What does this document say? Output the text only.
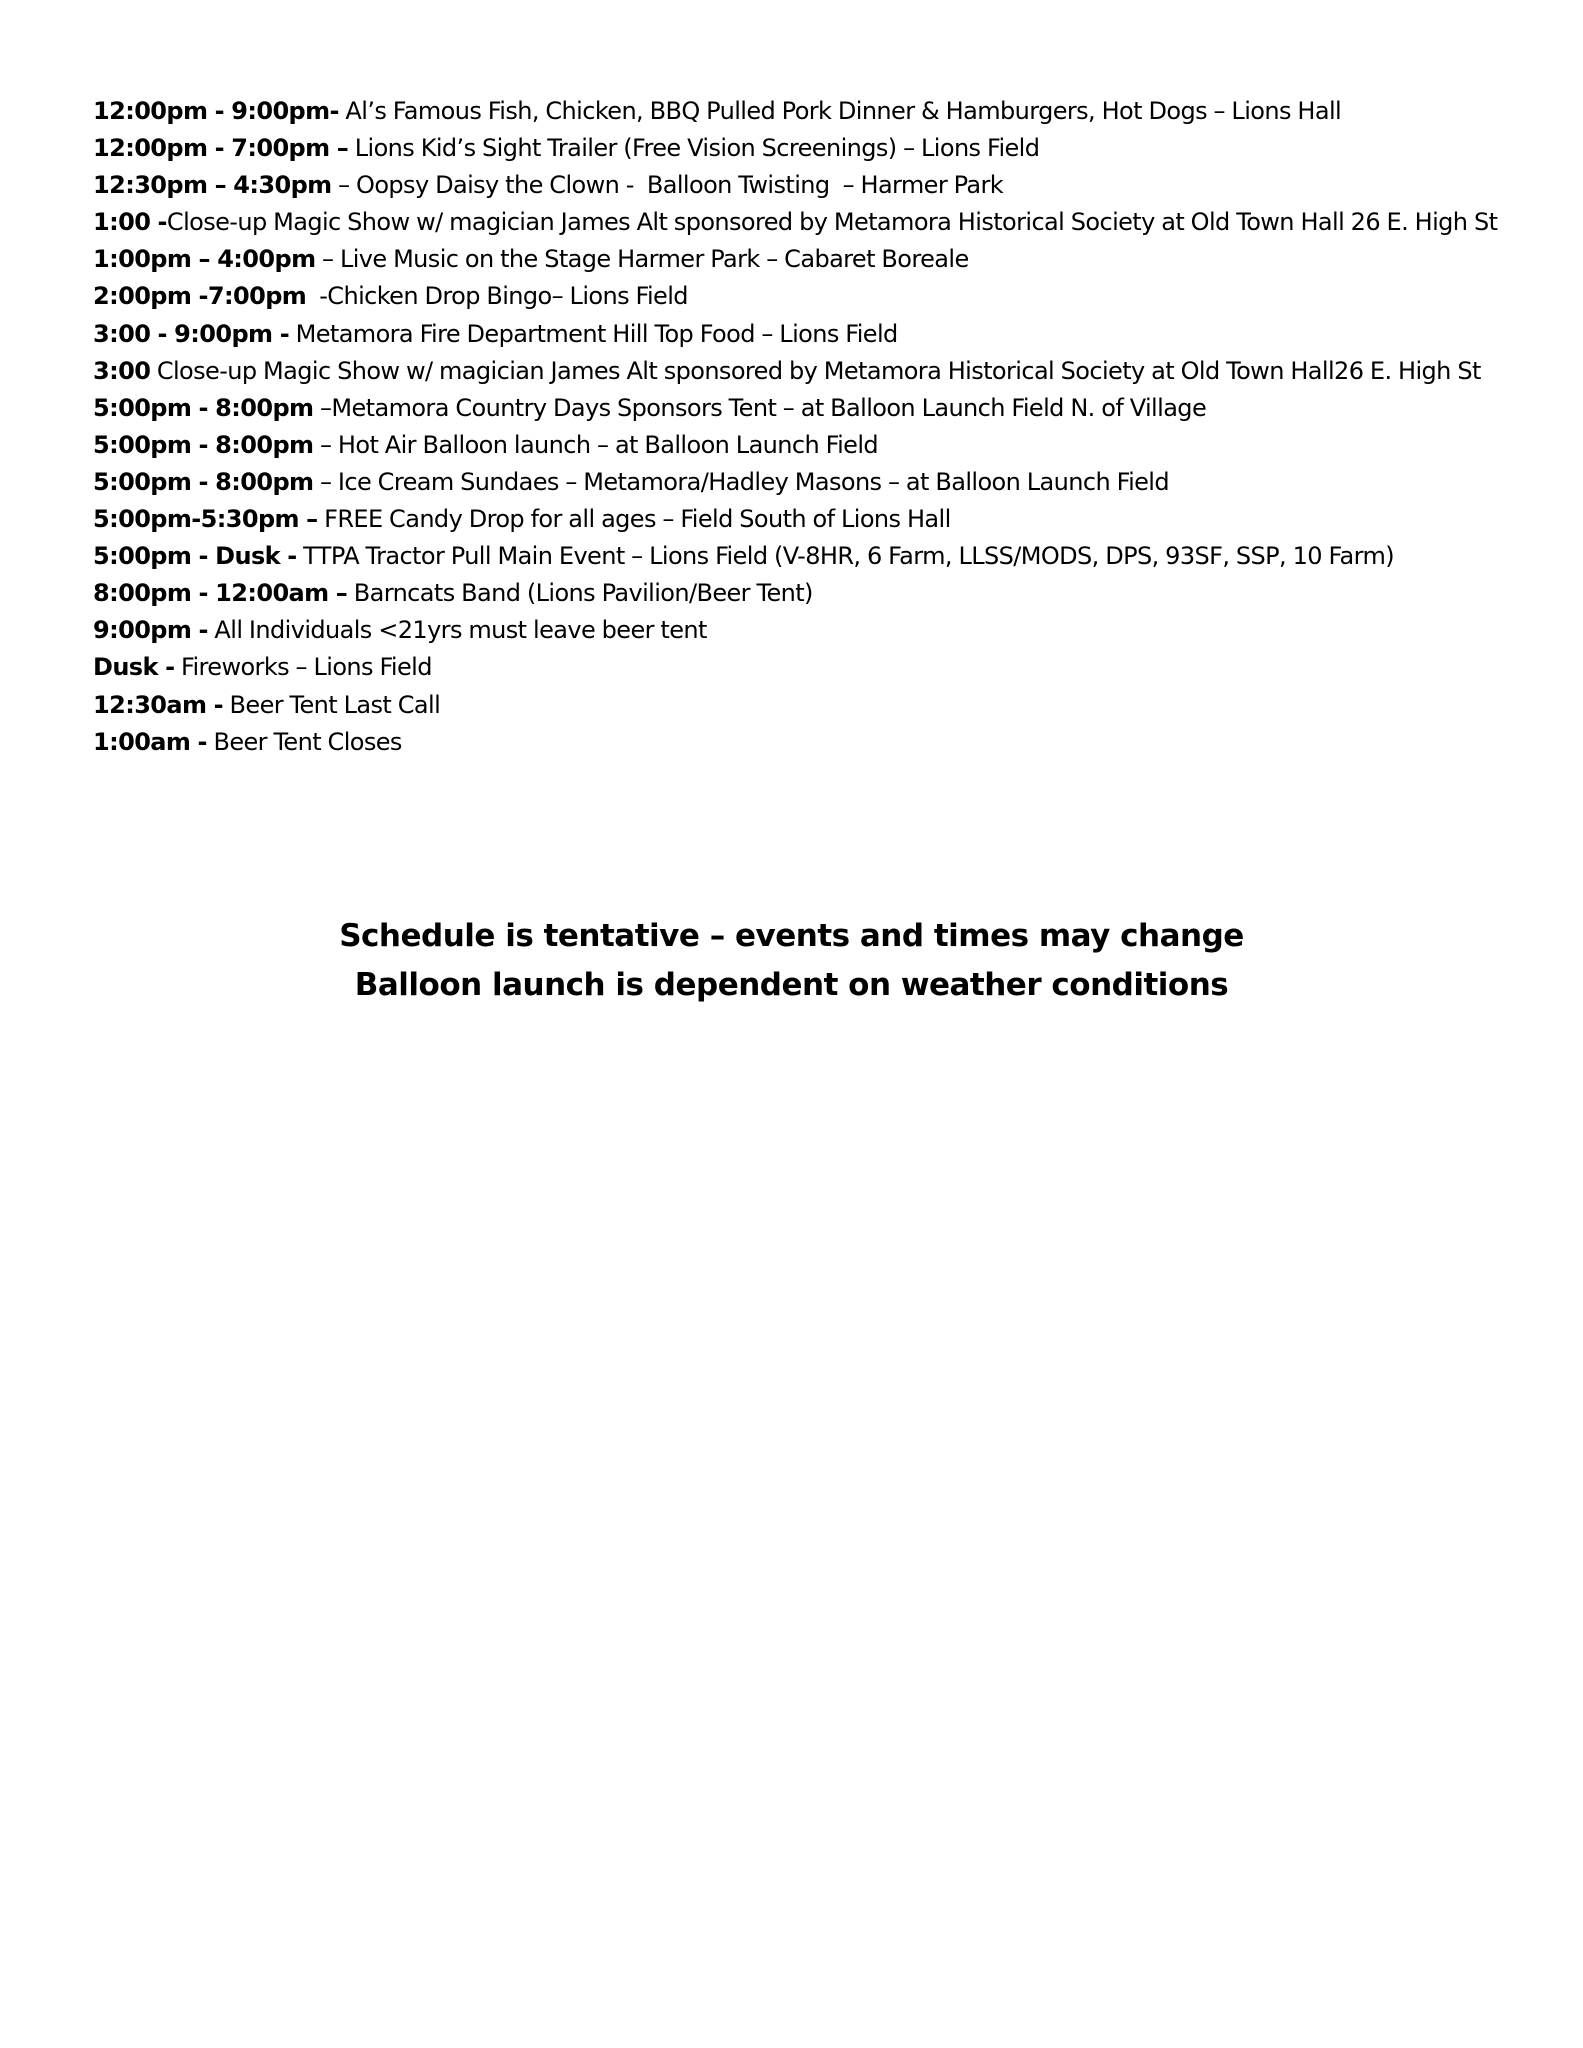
12:00pm - 9:00pm- Al’s Famous Fish, Chicken, BBQ Pulled Pork Dinner & Hamburgers, Hot Dogs – Lions Hall
12:00pm - 7:00pm – Lions Kid’s Sight Trailer (Free Vision Screenings) – Lions Field
12:30pm – 4:30pm – Oopsy Daisy the Clown -  Balloon Twisting  – Harmer Park
1:00 -Close-up Magic Show w/ magician James Alt sponsored by Metamora Historical Society at Old Town Hall 26 E. High St
1:00pm – 4:00pm – Live Music on the Stage Harmer Park – Cabaret Boreale
2:00pm -7:00pm  -Chicken Drop Bingo– Lions Field
3:00 - 9:00pm - Metamora Fire Department Hill Top Food – Lions Field
3:00 Close-up Magic Show w/ magician James Alt sponsored by Metamora Historical Society at Old Town Hall26 E. High St
5:00pm - 8:00pm –Metamora Country Days Sponsors Tent – at Balloon Launch Field N. of Village
5:00pm - 8:00pm – Hot Air Balloon launch – at Balloon Launch Field
5:00pm - 8:00pm – Ice Cream Sundaes – Metamora/Hadley Masons – at Balloon Launch Field
5:00pm-5:30pm – FREE Candy Drop for all ages – Field South of Lions Hall
5:00pm - Dusk - TTPA Tractor Pull Main Event – Lions Field (V-8HR, 6 Farm, LLSS/MODS, DPS, 93SF, SSP, 10 Farm)
8:00pm - 12:00am – Barncats Band (Lions Pavilion/Beer Tent)
9:00pm - All Individuals <21yrs must leave beer tent
Dusk - Fireworks – Lions Field
12:30am - Beer Tent Last Call
1:00am - Beer Tent Closes
Schedule is tentative – events and times may change
Balloon launch is dependent on weather conditions
